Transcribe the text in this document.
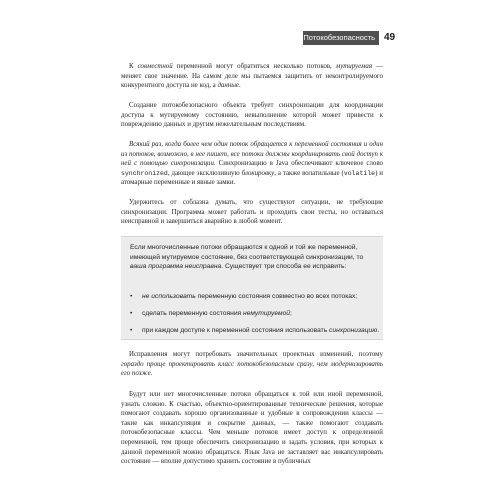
Потокобезопасность 49

К совместной переменной могут обратиться несколько потоков, мутируемая — меняет свое значение. На самом деле мы пытаемся защитить от неконтролируемого конкурентного доступа не код, а данные.

Создание потокобезопасного объекта требует синхронизации для координации доступа к мутируемому состоянию, невыполнение которой может привести к повреждению данных и другим нежелательным последствиям.

Всякий раз, когда более чем один поток обращается к переменной состояния и один из потоков, возможно, в нее пишет, все потоки должны координировать свой доступ к ней с помощью синхронизации. Синхронизацию в Java обеспечивают ключевое слово synchronized, дающее эксклюзивную блокировку, а также волатильные (volatile) и атомарные переменные и явные замки.

Удержитесь от соблазна думать, что существуют ситуации, не требующие синхронизации. Программа может работать и проходить свои тесты, но оставаться неисправной и завершиться аварийно в любой момент.

Если многочисленные потоки обращаются к одной и той же переменной, имеющей мутируемое состояние, без соответствующей синхронизации, то ваша программа неисправна. Существует три способа ее исправить:

• не использовать переменную состояния совместно во всех потоках;
• сделать переменную состояния немутируемой;
• при каждом доступе к переменной состояния использовать синхронизацию.

Исправления могут потребовать значительных проектных изменений, поэтому гораздо проще проектировать класс потокобезопасным сразу, чем модернизировать его позже.

Будут или нет многочисленные потоки обращаться к той или иной переменной, узнать сложно. К счастью, объектно-ориентированные технические решения, которые помогают создавать хорошо организованные и удобные в сопровождении классы — такие как инкапсуляция и сокрытие данных, — также помогают создавать потокобезопасные классы. Чем меньше потоков имеет доступ к определенной переменной, тем проще обеспечить синхронизацию и задать условия, при которых к данной переменной можно обращаться. Язык Java не заставляет вас инкапсулировать состояние — вполне допустимо хранить состояние в публичных
